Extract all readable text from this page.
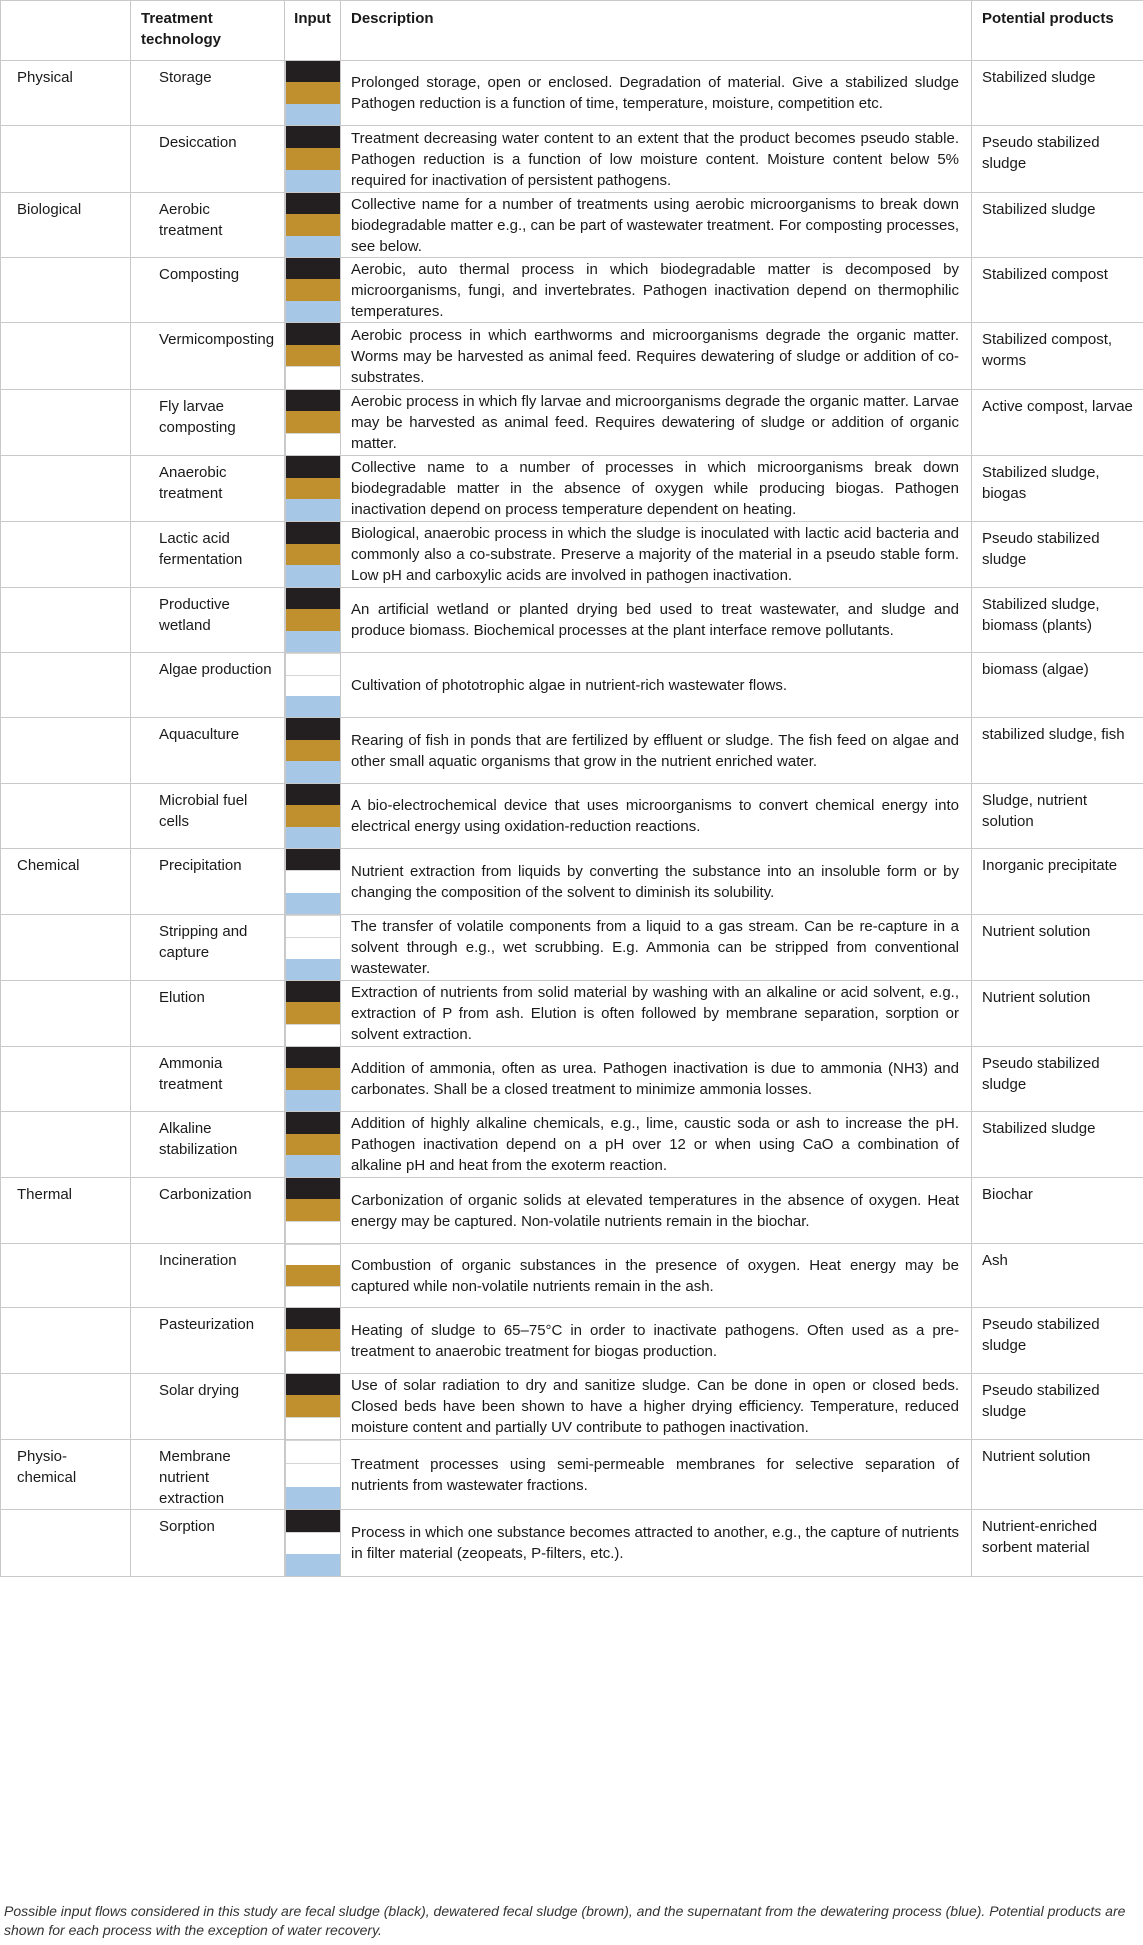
	Treatment technology	Input	Description	Potential products
Physical	Storage		Prolonged storage, open or enclosed. Degradation of material. Give a stabilized sludge Pathogen reduction is a function of time, temperature, moisture, competition etc.	Stabilized sludge
	Desiccation		Treatment decreasing water content to an extent that the product becomes pseudo stable. Pathogen reduction is a function of low moisture content. Moisture content below 5% required for inactivation of persistent pathogens.	Pseudo stabilized sludge
Biological	Aerobic treatment		Collective name for a number of treatments using aerobic microorganisms to break down biodegradable matter e.g., can be part of wastewater treatment. For composting processes, see below.	Stabilized sludge
	Composting		Aerobic, auto thermal process in which biodegradable matter is decomposed by microorganisms, fungi, and invertebrates. Pathogen inactivation depend on thermophilic temperatures.	Stabilized compost
	Vermicomposting		Aerobic process in which earthworms and microorganisms degrade the organic matter. Worms may be harvested as animal feed. Requires dewatering of sludge or addition of co-substrates.	Stabilized compost, worms
	Fly larvae composting		Aerobic process in which fly larvae and microorganisms degrade the organic matter. Larvae may be harvested as animal feed. Requires dewatering of sludge or addition of organic matter.	Active compost, larvae
	Anaerobic treatment		Collective name to a number of processes in which microorganisms break down biodegradable matter in the absence of oxygen while producing biogas. Pathogen inactivation depend on process temperature dependent on heating.	Stabilized sludge, biogas
	Lactic acid fermentation		Biological, anaerobic process in which the sludge is inoculated with lactic acid bacteria and commonly also a co-substrate. Preserve a majority of the material in a pseudo stable form. Low pH and carboxylic acids are involved in pathogen inactivation.	Pseudo stabilized sludge
	Productive wetland		An artificial wetland or planted drying bed used to treat wastewater, and sludge and produce biomass. Biochemical processes at the plant interface remove pollutants.	Stabilized sludge, biomass (plants)
	Algae production		Cultivation of phototrophic algae in nutrient-rich wastewater flows.	biomass (algae)
	Aquaculture		Rearing of fish in ponds that are fertilized by effluent or sludge. The fish feed on algae and other small aquatic organisms that grow in the nutrient enriched water.	stabilized sludge, fish
	Microbial fuel cells		A bio-electrochemical device that uses microorganisms to convert chemical energy into electrical energy using oxidation-reduction reactions.	Sludge, nutrient solution
Chemical	Precipitation		Nutrient extraction from liquids by converting the substance into an insoluble form or by changing the composition of the solvent to diminish its solubility.	Inorganic precipitate
	Stripping and capture		The transfer of volatile components from a liquid to a gas stream. Can be re-capture in a solvent through e.g., wet scrubbing. E.g. Ammonia can be stripped from conventional wastewater.	Nutrient solution
	Elution		Extraction of nutrients from solid material by washing with an alkaline or acid solvent, e.g., extraction of P from ash. Elution is often followed by membrane separation, sorption or solvent extraction.	Nutrient solution
	Ammonia treatment		Addition of ammonia, often as urea. Pathogen inactivation is due to ammonia (NH3) and carbonates. Shall be a closed treatment to minimize ammonia losses.	Pseudo stabilized sludge
	Alkaline stabilization		Addition of highly alkaline chemicals, e.g., lime, caustic soda or ash to increase the pH. Pathogen inactivation depend on a pH over 12 or when using CaO a combination of alkaline pH and heat from the exoterm reaction.	Stabilized sludge
Thermal	Carbonization		Carbonization of organic solids at elevated temperatures in the absence of oxygen. Heat energy may be captured. Non-volatile nutrients remain in the biochar.	Biochar
	Incineration		Combustion of organic substances in the presence of oxygen. Heat energy may be captured while non-volatile nutrients remain in the ash.	Ash
	Pasteurization		Heating of sludge to 65–75°C in order to inactivate pathogens. Often used as a pre-treatment to anaerobic treatment for biogas production.	Pseudo stabilized sludge
	Solar drying		Use of solar radiation to dry and sanitize sludge. Can be done in open or closed beds. Closed beds have been shown to have a higher drying efficiency. Temperature, reduced moisture content and partially UV contribute to pathogen inactivation.	Pseudo stabilized sludge
Physio-chemical	Membrane nutrient extraction		Treatment processes using semi-permeable membranes for selective separation of nutrients from wastewater fractions.	Nutrient solution
	Sorption		Process in which one substance becomes attracted to another, e.g., the capture of nutrients in filter material (zeopeats, P-filters, etc.).	Nutrient-enriched sorbent material
Possible input flows considered in this study are fecal sludge (black), dewatered fecal sludge (brown), and the supernatant from the dewatering process (blue). Potential products are shown for each process with the exception of water recovery.
